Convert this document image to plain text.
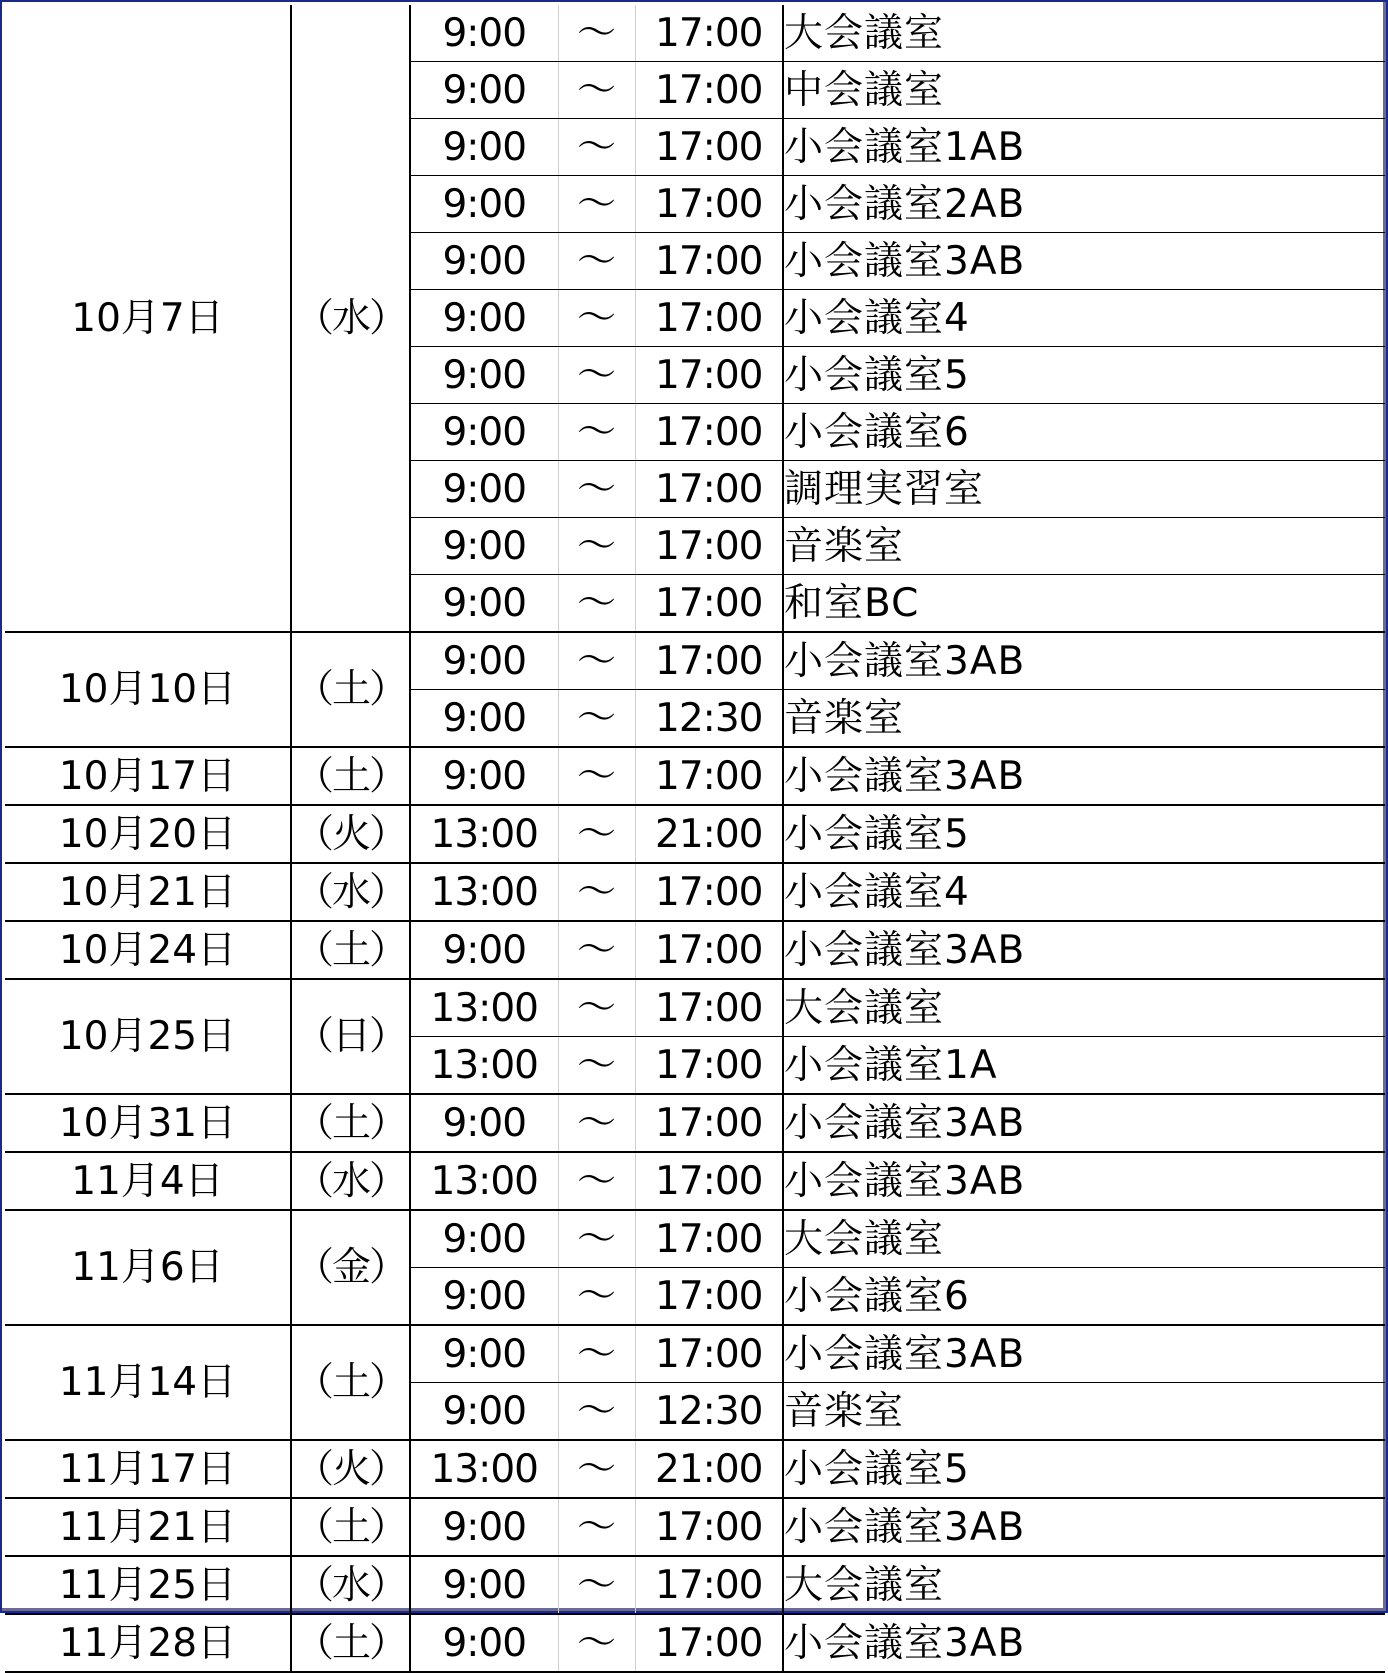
10月7日	（水）	9:00	〜	17:00	大会議室
		9:00	〜	17:00	中会議室
		9:00	〜	17:00	小会議室1AB
		9:00	〜	17:00	小会議室2AB
		9:00	〜	17:00	小会議室3AB
		9:00	〜	17:00	小会議室4
		9:00	〜	17:00	小会議室5
		9:00	〜	17:00	小会議室6
		9:00	〜	17:00	調理実習室
		9:00	〜	17:00	音楽室
		9:00	〜	17:00	和室BC
10月10日	（土）	9:00	〜	17:00	小会議室3AB
		9:00	〜	12:30	音楽室
10月17日	（土）	9:00	〜	17:00	小会議室3AB
10月20日	（火）	13:00	〜	21:00	小会議室5
10月21日	（水）	13:00	〜	17:00	小会議室4
10月24日	（土）	9:00	〜	17:00	小会議室3AB
10月25日	（日）	13:00	〜	17:00	大会議室
		13:00	〜	17:00	小会議室1A
10月31日	（土）	9:00	〜	17:00	小会議室3AB
11月4日	（水）	13:00	〜	17:00	小会議室3AB
11月6日	（金）	9:00	〜	17:00	大会議室
		9:00	〜	17:00	小会議室6
11月14日	（土）	9:00	〜	17:00	小会議室3AB
		9:00	〜	12:30	音楽室
11月17日	（火）	13:00	〜	21:00	小会議室5
11月21日	（土）	9:00	〜	17:00	小会議室3AB
11月25日	（水）	9:00	〜	17:00	大会議室
11月28日	（土）	9:00	〜	17:00	小会議室3AB
